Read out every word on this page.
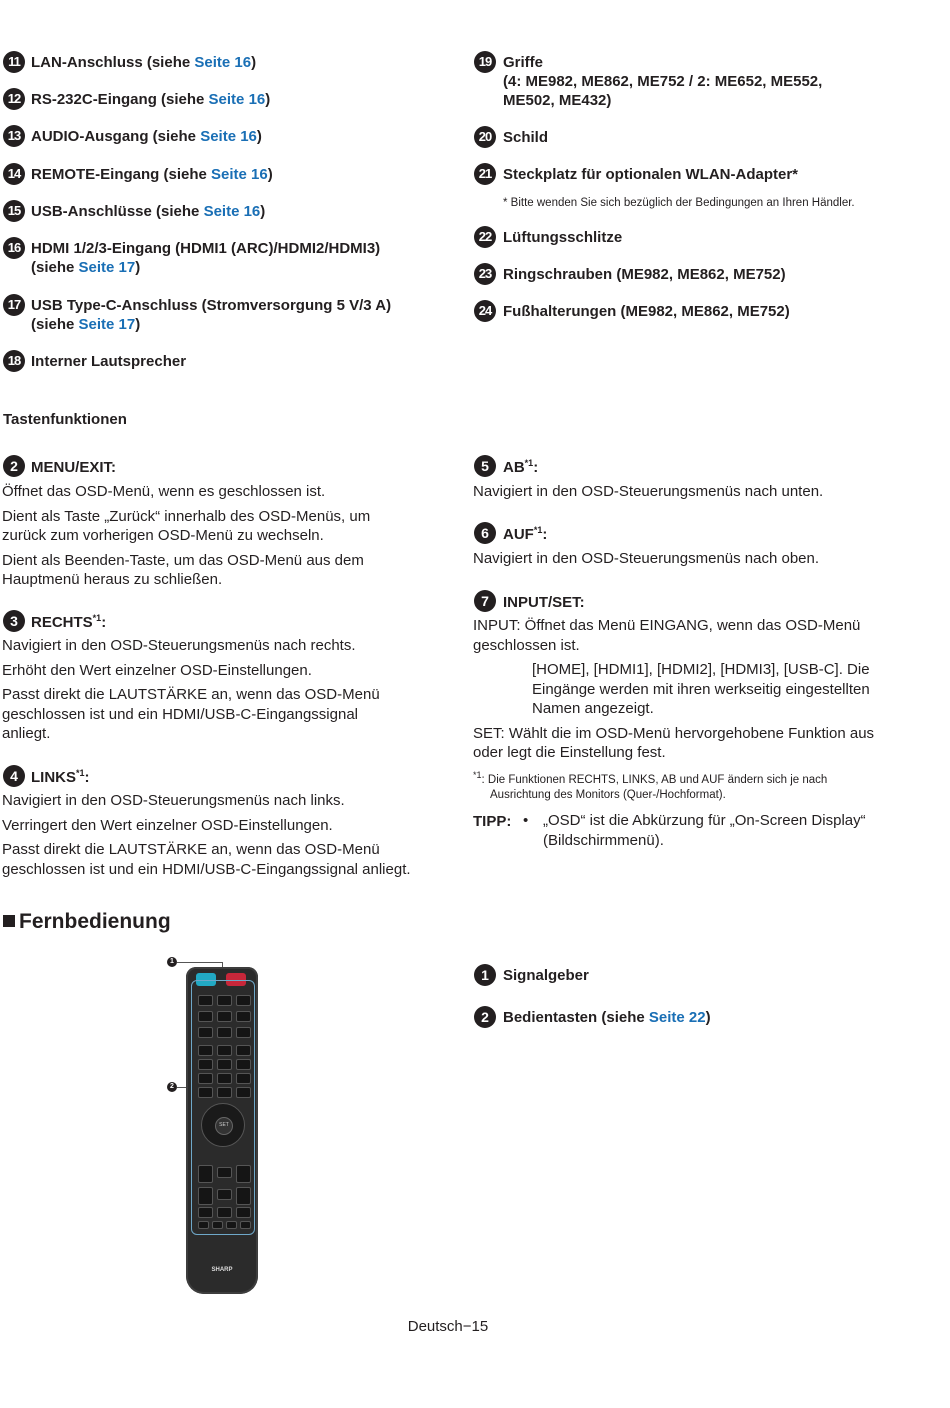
11 LAN-Anschluss (siehe Seite 16)
12 RS-232C-Eingang (siehe Seite 16)
13 AUDIO-Ausgang (siehe Seite 16)
14 REMOTE-Eingang (siehe Seite 16)
15 USB-Anschlüsse (siehe Seite 16)
16 HDMI 1/2/3-Eingang (HDMI1 (ARC)/HDMI2/HDMI3)
(siehe Seite 17)
17 USB Type-C-Anschluss (Stromversorgung 5 V/3 A)
(siehe Seite 17)
18 Interner Lautsprecher
19 Griffe
(4: ME982, ME862, ME752 / 2: ME652, ME552,
ME502, ME432)
20 Schild
21 Steckplatz für optionalen WLAN-Adapter*
* Bitte wenden Sie sich bezüglich der Bedingungen an Ihren Händler.
22 Lüftungsschlitze
23 Ringschrauben (ME982, ME862, ME752)
24 Fußhalterungen (ME982, ME862, ME752)
Tastenfunktionen
2 MENU/EXIT:
Öffnet das OSD-Menü, wenn es geschlossen ist.
Dient als Taste „Zurück“ innerhalb des OSD-Menüs, um
zurück zum vorherigen OSD-Menü zu wechseln.
Dient als Beenden-Taste, um das OSD-Menü aus dem
Hauptmenü heraus zu schließen.
3 RECHTS$^{*1}$:
Navigiert in den OSD-Steuerungsmenüs nach rechts.
Erhöht den Wert einzelner OSD-Einstellungen.
Passt direkt die LAUTSTÄRKE an, wenn das OSD-Menü
geschlossen ist und ein HDMI/USB-C-Eingangssignal
anliegt.
4 LINKS$^{*1}$:
Navigiert in den OSD-Steuerungsmenüs nach links.
Verringert den Wert einzelner OSD-Einstellungen.
Passt direkt die LAUTSTÄRKE an, wenn das OSD-Menü
geschlossen ist und ein HDMI/USB-C-Eingangssignal anliegt.
5 AB$^{*1}$:
Navigiert in den OSD-Steuerungsmenüs nach unten.
6 AUF$^{*1}$:
Navigiert in den OSD-Steuerungsmenüs nach oben.
7 INPUT/SET:
INPUT: Öffnet das Menü EINGANG, wenn das OSD-Menü
geschlossen ist.
[HOME], [HDMI1], [HDMI2], [HDMI3], [USB-C]. Die
Eingänge werden mit ihren werkseitig eingestellten
Namen angezeigt.
SET: Wählt die im OSD-Menü hervorgehobene Funktion aus
oder legt die Einstellung fest.
$^{*1}$: Die Funktionen RECHTS, LINKS, AB und AUF ändern sich je nach
Ausrichtung des Monitors (Quer-/Hochformat).
TIPP: • „OSD“ ist die Abkürzung für „On-Screen Display“
(Bildschirmmenü).
Fernbedienung
1
2
SET
SHARP
1 Signalgeber
2 Bedientasten (siehe Seite 22)
Deutsch−15
